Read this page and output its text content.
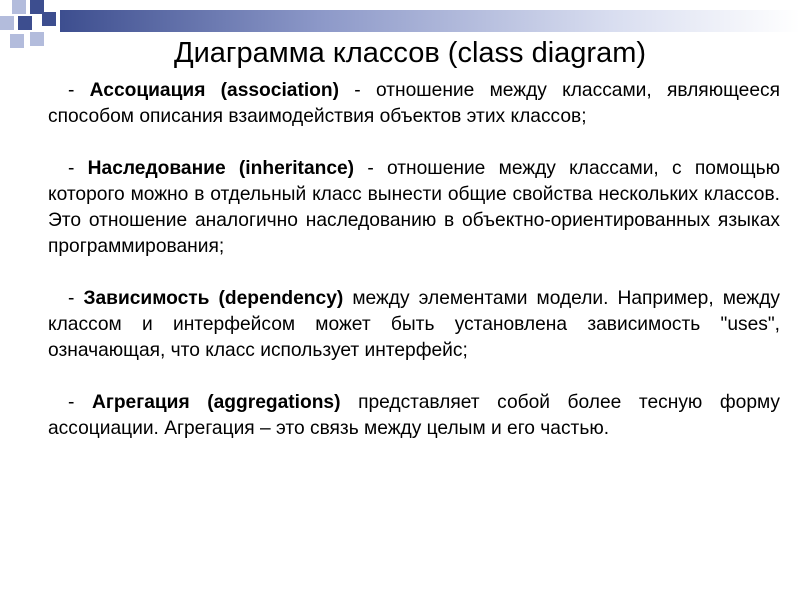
Диаграмма классов (class diagram)

- Ассоциация (association) - отношение между классами, являющееся способом описания взаимодействия объектов этих классов;

- Наследование (inheritance) - отношение между классами, с помощью которого можно в отдельный класс вынести общие свойства нескольких классов. Это отношение аналогично наследованию в объектно-ориентированных языках программирования;

- Зависимость (dependency) между элементами модели. Например, между классом и интерфейсом может быть установлена зависимость "uses", означающая, что класс использует интерфейс;

- Агрегация (aggregations) представляет собой более тесную форму ассоциации. Агрегация – это связь между целым и его частью.
